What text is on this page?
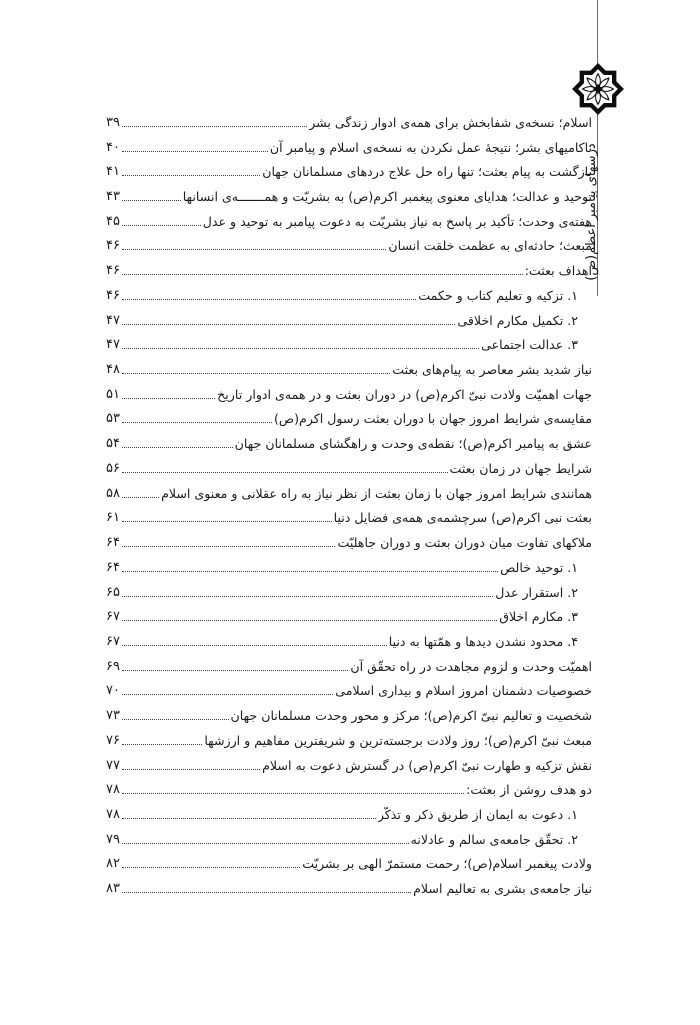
درسهای پیامبر اعظم(ص)
اسلام؛ نسخه‌ی شفابخش برای همه‌ی ادوار زندگی بشر
۳۹
ناکامیهای بشر؛ نتیجهٔ عمل نکردن به نسخه‌ی اسلام و پیامبر آن
۴۰
بازگشت به پیام بعثت؛ تنها راه حل علاج دردهای مسلمانان جهان
۴۱
توحید و عدالت؛ هدایای معنوی پیغمبر اکرم(ص) به بشریّت و همـــــــه‌ی انسانها
۴۳
هفته‌ی وحدت؛ تأکید بر پاسخ به نیاز بشریّت به دعوت پیامبر به توحید و عدل
۴۵
مبعث؛ حادثه‌ای به عظمت خلقت انسان
۴۶
اهداف بعثت:
۴۶
۱. تزکیه و تعلیم کتاب و حکمت
۴۶
۲. تکمیل مکارم اخلاقی
۴۷
۳. عدالت اجتماعی
۴۷
نیاز شدید بشر معاصر به پیام‌های بعثت
۴۸
جهات اهمیّت ولادت نبیّ اکرم(ص) در دوران بعثت و در همه‌ی ادوار تاریخ
۵۱
مقایسه‌ی شرایط امروز جهان با دوران بعثت رسول اکرم(ص)
۵۳
عشق به پیامبر اکرم(ص)؛ نقطه‌ی وحدت و راهگشای مسلمانان جهان
۵۴
شرایط جهان در زمان بعثت
۵۶
همانندی شرایط امروز جهان با زمان بعثت از نظر نیاز به راه عقلانی و معنوی اسلام
۵۸
بعثت نبی اکرم(ص) سرچشمه‌ی همه‌ی فضایل دنیا
۶۱
ملاکهای تفاوت میان دوران بعثت و دوران جاهلیّت
۶۴
۱. توحید خالص
۶۴
۲. استقرار عدل
۶۵
۳. مکارم اخلاق
۶۷
۴. محدود نشدن دیدها و همّتها به دنیا
۶۷
اهمیّت وحدت و لزوم مجاهدت در راه تحقّق آن
۶۹
خصوصیات دشمنان امروز اسلام و بیداری اسلامی
۷۰
شخصیت و تعالیم نبیّ اکرم(ص)؛ مرکز و محور وحدت مسلمانان جهان
۷۳
مبعث نبیّ اکرم(ص)؛ روز ولادت برجسته‌ترین و شریفترین مفاهیم و ارزشها
۷۶
نقش تزکیه و طهارت نبیّ اکرم(ص) در گسترش دعوت به اسلام
۷۷
دو هدف روشن از بعثت:
۷۸
۱. دعوت به ایمان از طریق ذکر و تذکّر
۷۸
۲. تحقّق جامعه‌ی سالم و عادلانه
۷۹
ولادت پیغمبر اسلام(ص)؛ رحمت مستمرّ الهی بر بشریّت
۸۲
نیاز جامعه‌ی بشری به تعالیم اسلام
۸۳
